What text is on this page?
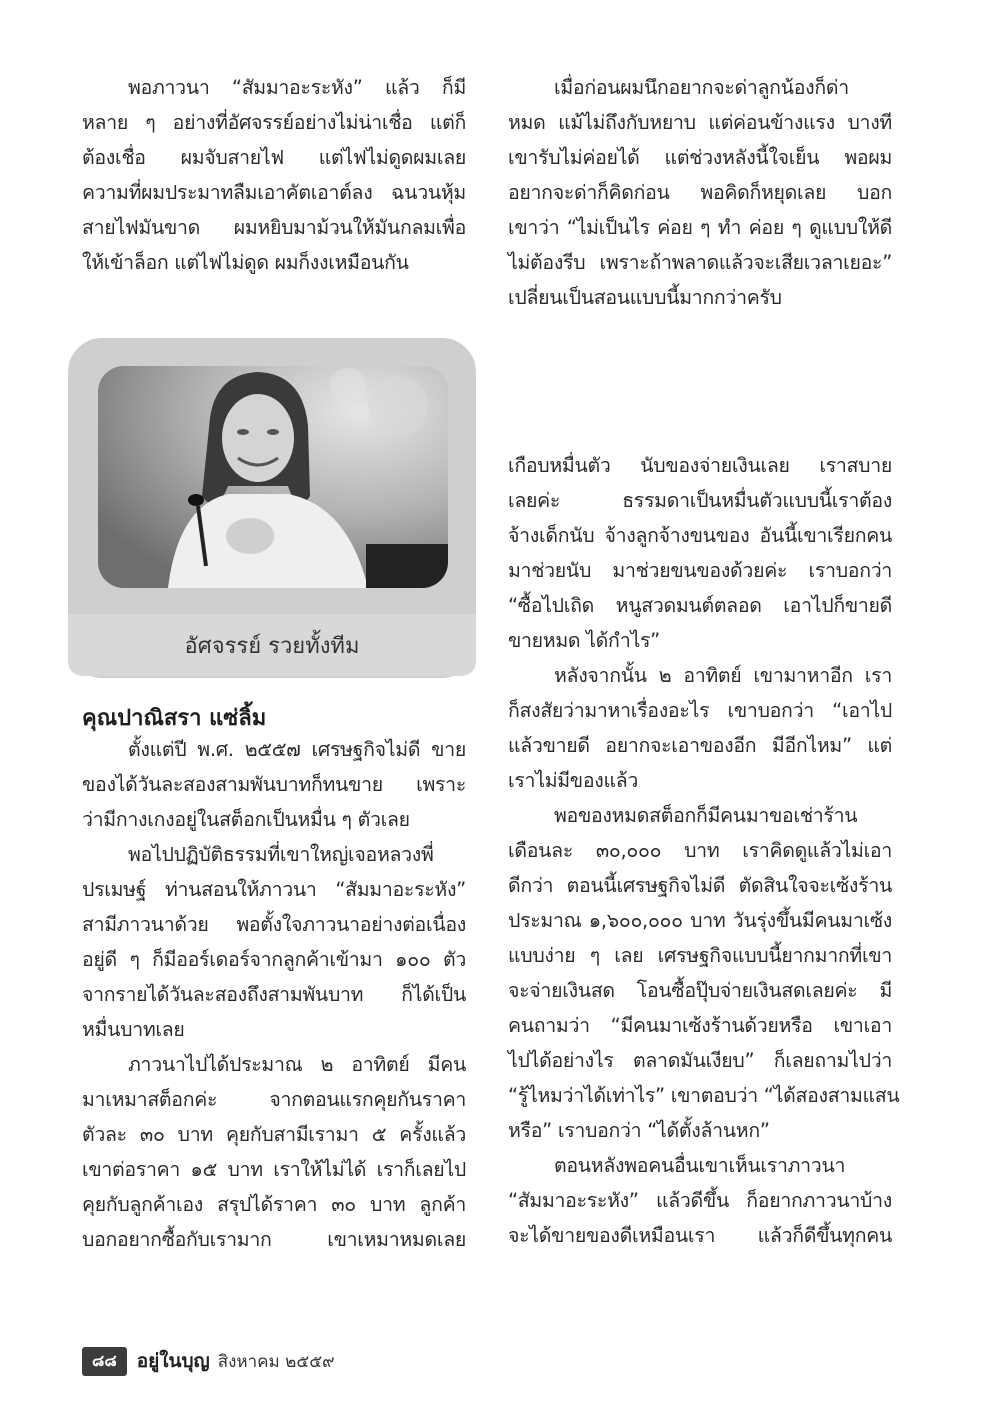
พอภาวนา “สัมมาอะระหัง” แล้ว ก็มี
หลาย ๆ อย่างที่อัศจรรย์อย่างไม่น่าเชื่อ แต่ก็
ต้องเชื่อ ผมจับสายไฟ แต่ไฟไม่ดูดผมเลย
ความที่ผมประมาทลืมเอาคัตเอาต์ลง ฉนวนหุ้ม
สายไฟมันขาด ผมหยิบมาม้วนให้มันกลมเพื่อ
ให้เข้าล็อก แต่ไฟไม่ดูด ผมก็งงเหมือนกัน
เมื่อก่อนผมนึกอยากจะด่าลูกน้องก็ด่า
หมด แม้ไม่ถึงกับหยาบ แต่ค่อนข้างแรง บางที
เขารับไม่ค่อยได้ แต่ช่วงหลังนี้ใจเย็น พอผม
อยากจะด่าก็คิดก่อน พอคิดก็หยุดเลย บอก
เขาว่า “ไม่เป็นไร ค่อย ๆ ทำ ค่อย ๆ ดูแบบให้ดี
ไม่ต้องรีบ เพราะถ้าพลาดแล้วจะเสียเวลาเยอะ”
เปลี่ยนเป็นสอนแบบนี้มากกว่าครับ
อัศจรรย์ รวยทั้งทีม
คุณปาณิสรา แซ่ลิ้ม
ตั้งแต่ปี พ.ศ. ๒๕๕๗ เศรษฐกิจไม่ดี ขาย
ของได้วันละสองสามพันบาทก็ทนขาย เพราะ
ว่ามีกางเกงอยู่ในสต็อกเป็นหมื่น ๆ ตัวเลย
พอไปปฏิบัติธรรมที่เขาใหญ่เจอหลวงพี่
ปรเมษฐ์ ท่านสอนให้ภาวนา “สัมมาอะระหัง”
สามีภาวนาด้วย พอตั้งใจภาวนาอย่างต่อเนื่อง
อยู่ดี ๆ ก็มีออร์เดอร์จากลูกค้าเข้ามา ๑๐๐ ตัว
จากรายได้วันละสองถึงสามพันบาท ก็ได้เป็น
หมื่นบาทเลย
ภาวนาไปได้ประมาณ ๒ อาทิตย์ มีคน
มาเหมาสต็อกค่ะ จากตอนแรกคุยกันราคา
ตัวละ ๓๐ บาท คุยกับสามีเรามา ๕ ครั้งแล้ว
เขาต่อราคา ๑๕ บาท เราให้ไม่ได้ เราก็เลยไป
คุยกับลูกค้าเอง สรุปได้ราคา ๓๐ บาท ลูกค้า
บอกอยากซื้อกับเรามาก เขาเหมาหมดเลย
เกือบหมื่นตัว นับของจ่ายเงินเลย เราสบาย
เลยค่ะ ธรรมดาเป็นหมื่นตัวแบบนี้เราต้อง
จ้างเด็กนับ จ้างลูกจ้างขนของ อันนี้เขาเรียกคน
มาช่วยนับ มาช่วยขนของด้วยค่ะ เราบอกว่า
“ซื้อไปเถิด หนูสวดมนต์ตลอด เอาไปก็ขายดี
ขายหมด ได้กำไร”
หลังจากนั้น ๒ อาทิตย์ เขามาหาอีก เรา
ก็สงสัยว่ามาหาเรื่องอะไร เขาบอกว่า “เอาไป
แล้วขายดี อยากจะเอาของอีก มีอีกไหม” แต่
เราไม่มีของแล้ว
พอของหมดสต็อกก็มีคนมาขอเช่าร้าน
เดือนละ ๓๐,๐๐๐ บาท เราคิดดูแล้วไม่เอา
ดีกว่า ตอนนี้เศรษฐกิจไม่ดี ตัดสินใจจะเซ้งร้าน
ประมาณ ๑,๖๐๐,๐๐๐ บาท วันรุ่งขึ้นมีคนมาเซ้ง
แบบง่าย ๆ เลย เศรษฐกิจแบบนี้ยากมากที่เขา
จะจ่ายเงินสด โอนซื้อปุ๊บจ่ายเงินสดเลยค่ะ มี
คนถามว่า “มีคนมาเซ้งร้านด้วยหรือ เขาเอา
ไปได้อย่างไร ตลาดมันเงียบ” ก็เลยถามไปว่า
“รู้ไหมว่าได้เท่าไร” เขาตอบว่า “ได้สองสามแสน
หรือ” เราบอกว่า “ได้ตั้งล้านหก”
ตอนหลังพอคนอื่นเขาเห็นเราภาวนา
“สัมมาอะระหัง” แล้วดีขึ้น ก็อยากภาวนาบ้าง
จะได้ขายของดีเหมือนเรา แล้วก็ดีขึ้นทุกคน
๘๘	อยู่ในบุญ สิงหาคม ๒๕๕๙
